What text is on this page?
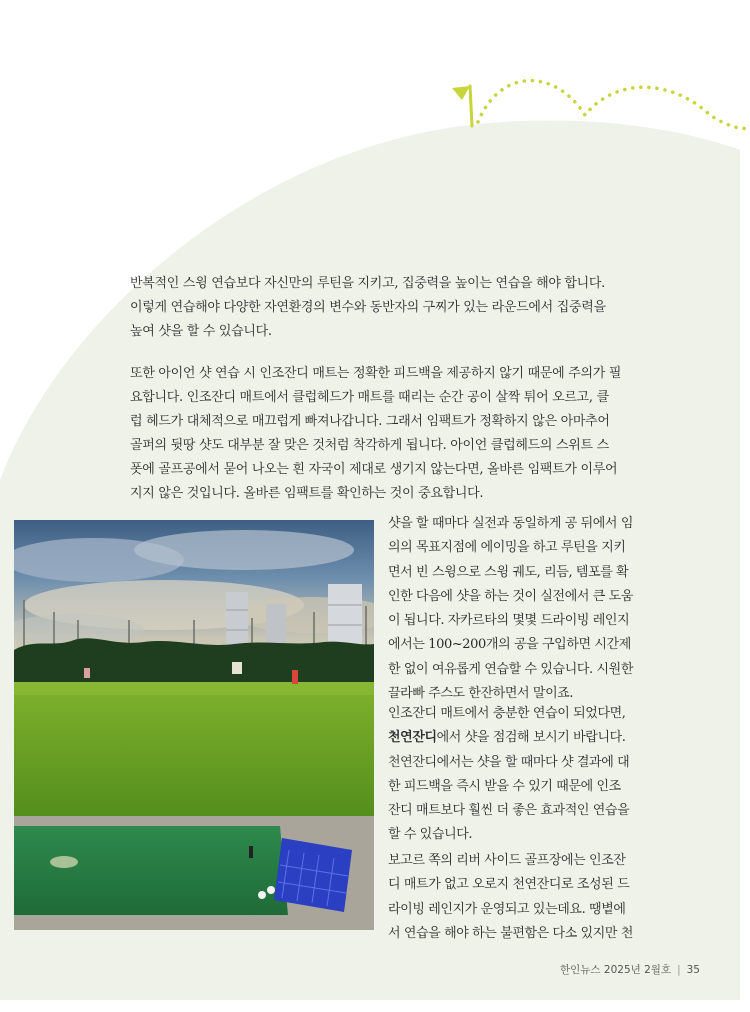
반복적인 스윙 연습보다 자신만의 루틴을 지키고, 집중력을 높이는 연습을 해야 합니다.
이렇게 연습해야 다양한 자연환경의 변수와 동반자의 구찌가 있는 라운드에서 집중력을
높여 샷을 할 수 있습니다.

또한 아이언 샷 연습 시 인조잔디 매트는 정확한 피드백을 제공하지 않기 때문에 주의가 필
요합니다. 인조잔디 매트에서 클럽헤드가 매트를 때리는 순간 공이 살짝 튀어 오르고, 클
럽 헤드가 대체적으로 매끄럽게 빠져나갑니다. 그래서 임팩트가 정확하지 않은 아마추어
골퍼의 뒷땅 샷도 대부분 잘 맞은 것처럼 착각하게 됩니다. 아이언 클럽헤드의 스위트 스
폿에 골프공에서 묻어 나오는 흰 자국이 제대로 생기지 않는다면, 올바른 임팩트가 이루어
지지 않은 것입니다. 올바른 임팩트를 확인하는 것이 중요합니다.

샷을 할 때마다 실전과 동일하게 공 뒤에서 임
의의 목표지점에 에이밍을 하고 루틴을 지키
면서 빈 스윙으로 스윙 궤도, 리듬, 템포를 확
인한 다음에 샷을 하는 것이 실전에서 큰 도움
이 됩니다. 자카르타의 몇몇 드라이빙 레인지
에서는 100~200개의 공을 구입하면 시간제
한 없이 여유롭게 연습할 수 있습니다. 시원한
끌라빠 주스도 한잔하면서 말이죠.

인조잔디 매트에서 충분한 연습이 되었다면,
천연잔디에서 샷을 점검해 보시기 바랍니다.
천연잔디에서는 샷을 할 때마다 샷 결과에 대
한 피드백을 즉시 받을 수 있기 때문에 인조
잔디 매트보다 훨씬 더 좋은 효과적인 연습을
할 수 있습니다.

보고르 쪽의 리버 사이드 골프장에는 인조잔
디 매트가 없고 오로지 천연잔디로 조성된 드
라이빙 레인지가 운영되고 있는데요. 땡볕에
서 연습을 해야 하는 불편함은 다소 있지만 천

한인뉴스 2025년 2월호 | 35
